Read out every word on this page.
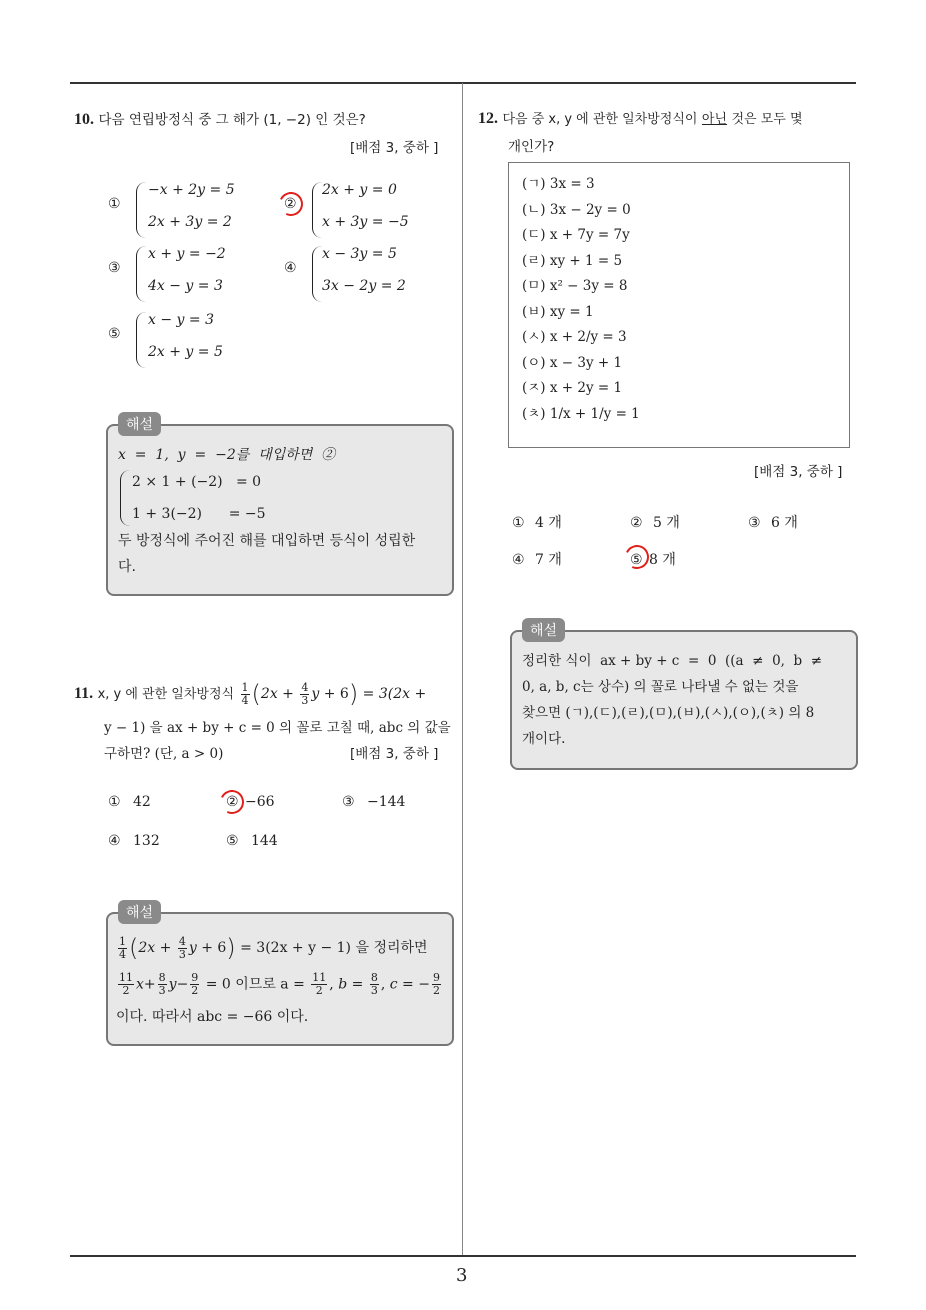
3
10. 다음 연립방정식 중 그 해가 (1, −2) 인 것은?
[배점 3, 중하 ]
①
−x + 2y = 5
2x + 3y = 2
②
2x + y = 0
x + 3y = −5
③
x + y = −2
4x − y = 3
④
x − 3y = 5
3x − 2y = 2
⑤
x − y = 3
2x + y = 5
해설
x  =  1,  y  =  −2를  대입하면  ②
2 × 1 + (−2)   = 0
1 + 3(−2)      = −5
두 방정식에 주어진 해를 대입하면 등식이 성립한
다.
11. x, y 에 관한 일차방정식 $\frac{1}{4} (2x + \frac{4}{3}$ y + 6) = 3(2x +
y − 1) 을 ax + by + c = 0 의 꼴로 고칠 때, abc 의 값을
구하면? (단, a > 0)	[배점 3, 중하 ]
① 42	② −66	③ −144
④ 132	⑤ 144
해설
$\frac{1}{4} (2x + \frac{4}{3}$ y + 6) = 3(2x + y − 1) 을 정리하면
$\frac{11}{2} x+ \frac{8}{3} y- \frac{9}{2} = 0$ 이므로 $a = \frac{11}{2}$ , $b = \frac{8}{3}$ , c = − $\frac{9}{2}$
이다. 따라서 abc = −66 이다.
12. 다음 중 x, y 에 관한 일차방정식이 아닌 것은 모두 몇
개인가?
(ㄱ) 3x = 3
(ㄴ) 3x − 2y = 0
(ㄷ) x + 7y = 7y
(ㄹ) xy + 1 = 5
(ㅁ) x² − 3y = 8
(ㅂ) xy = 1
(ㅅ) x + 2/y = 3
(ㅇ) x − 3y + 1
(ㅈ) x + 2y = 1
(ㅊ) 1/x + 1/y = 1
[배점 3, 중하 ]
① 4 개	② 5 개	③ 6 개
④ 7 개	⑤ 8 개
해설
정리한 식이  ax + by + c  =  0  ((a  ≠  0,  b  ≠
0, a, b, c는 상수) 의 꼴로 나타낼 수 없는 것을
찾으면 (ㄱ),(ㄷ),(ㄹ),(ㅁ),(ㅂ),(ㅅ),(ㅇ),(ㅊ) 의 8
개이다.
